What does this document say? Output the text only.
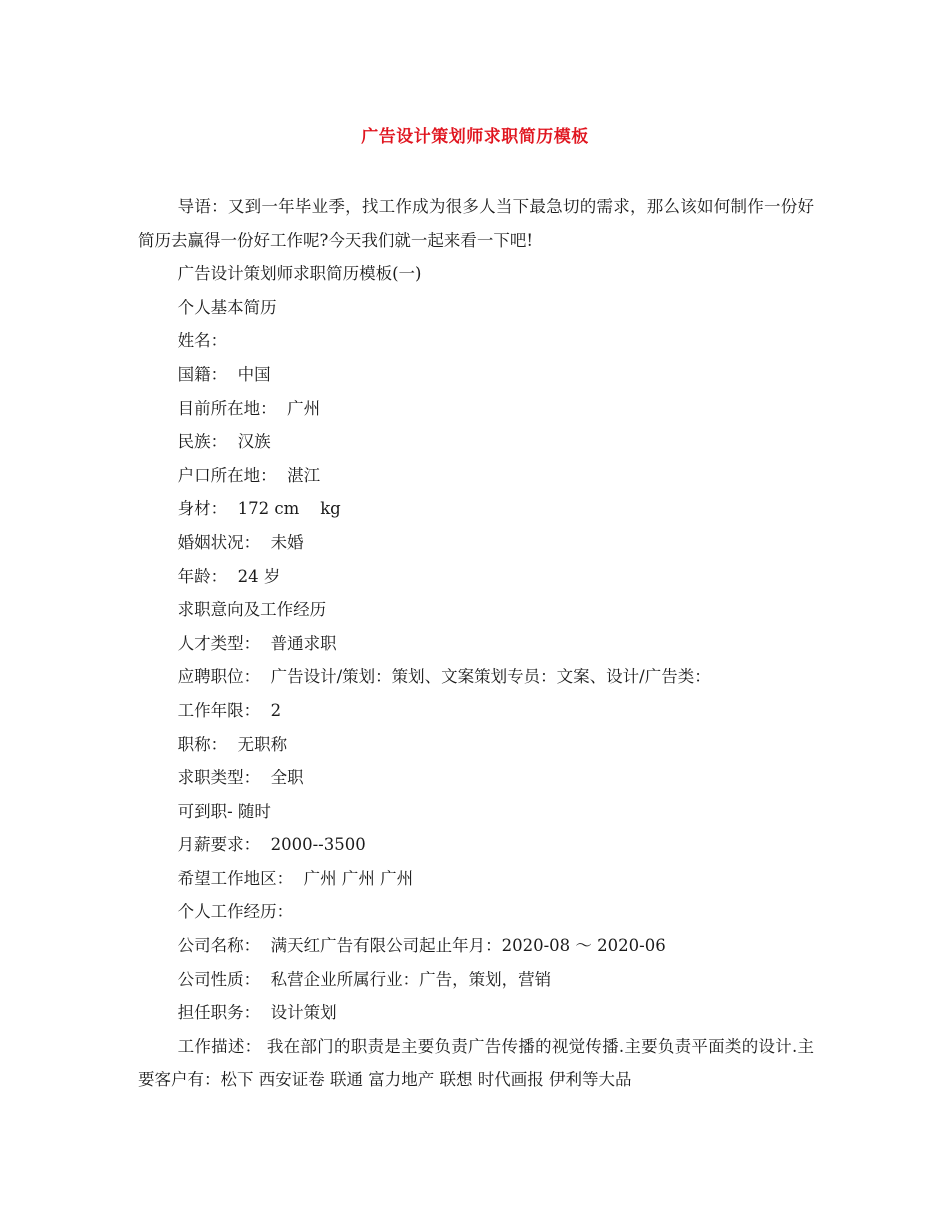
广告设计策划师求职简历模板

导语：又到一年毕业季，找工作成为很多人当下最急切的需求，那么该如何制作一份好简历去赢得一份好工作呢?今天我们就一起来看一下吧!

广告设计策划师求职简历模板(一)

个人基本简历

姓名：

国籍：  中国

目前所在地：  广州

民族：  汉族

户口所在地：  湛江

身材：  172 cm    kg

婚姻状况：  未婚

年龄：  24 岁

求职意向及工作经历

人才类型：  普通求职

应聘职位：  广告设计/策划：策划、文案策划专员：文案、设计/广告类：

工作年限：  2

职称：  无职称

求职类型：  全职

可到职- 随时

月薪要求：  2000--3500

希望工作地区：  广州 广州 广州

个人工作经历：

公司名称：  满天红广告有限公司起止年月：2020-08 ～ 2020-06

公司性质：  私营企业所属行业：广告，策划，营销

担任职务：  设计策划

工作描述： 我在部门的职责是主要负责广告传播的视觉传播.主要负责平面类的设计.主要客户有：松下 西安证卷 联通 富力地产 联想 时代画报 伊利等大品
